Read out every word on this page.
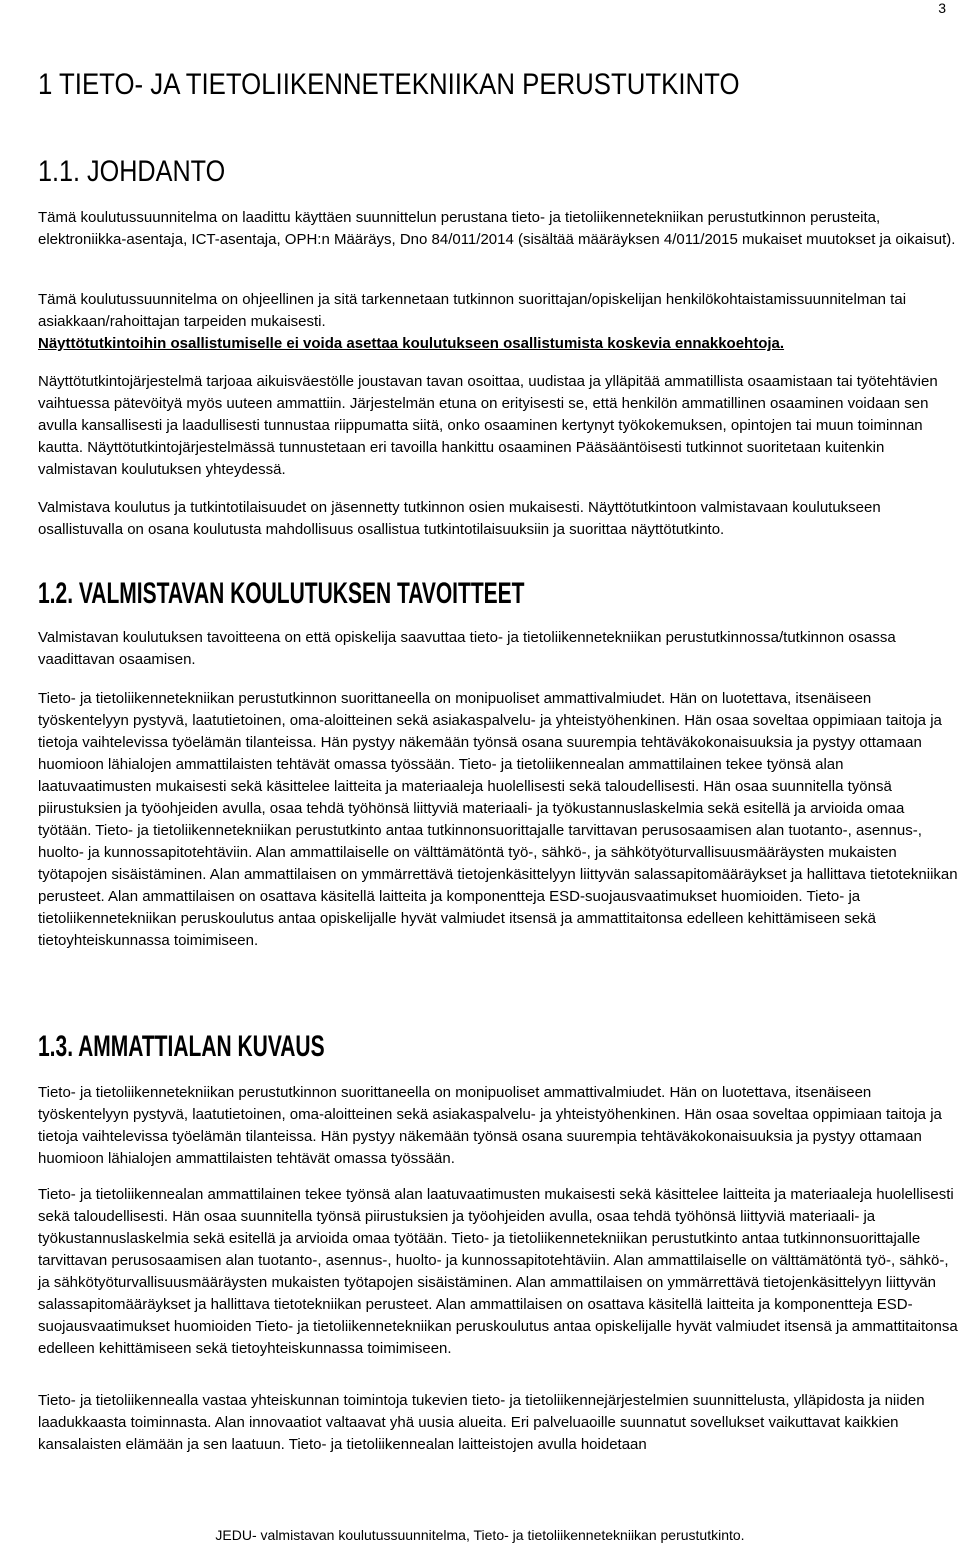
3
1 TIETO- JA TIETOLIIKENNETEKNIIKAN PERUSTUTKINTO
1.1. JOHDANTO

Tämä koulutussuunnitelma on laadittu käyttäen suunnittelun perustana tieto- ja tietoliikennetekniikan perustutkinnon perusteita, elektroniikka-asentaja, ICT-asentaja, OPH:n Määräys, Dno 84/011/2014 (sisältää määräyksen 4/011/2015 mukaiset muutokset ja oikaisut).

Tämä koulutussuunnitelma on ohjeellinen ja sitä tarkennetaan tutkinnon suorittajan/opiskelijan henkilökohtaistamissuunnitelman tai asiakkaan/rahoittajan tarpeiden mukaisesti.

Näyttötutkintoihin osallistumiselle ei voida asettaa koulutukseen osallistumista koskevia ennakkoehtoja.

Näyttötutkintojärjestelmä tarjoaa aikuisväestölle joustavan tavan osoittaa, uudistaa ja ylläpitää ammatillista osaamistaan tai työtehtävien vaihtuessa pätevöityä myös uuteen ammattiin. Järjestelmän etuna on erityisesti se, että henkilön ammatillinen osaaminen voidaan sen avulla kansallisesti ja laadullisesti tunnustaa riippumatta siitä, onko osaaminen kertynyt työkokemuksen, opintojen tai muun toiminnan kautta. Näyttötutkintojärjestelmässä tunnustetaan eri tavoilla hankittu osaaminen Pääsääntöisesti tutkinnot suoritetaan kuitenkin valmistavan koulutuksen yhteydessä.

Valmistava koulutus ja tutkintotilaisuudet on jäsennetty tutkinnon osien mukaisesti. Näyttötutkintoon valmistavaan koulutukseen osallistuvalla on osana koulutusta mahdollisuus osallistua tutkintotilaisuuksiin ja suorittaa näyttötutkinto.

1.2. VALMISTAVAN KOULUTUKSEN TAVOITTEET

Valmistavan koulutuksen tavoitteena on että opiskelija saavuttaa tieto- ja tietoliikennetekniikan perustutkinnossa/tutkinnon osassa vaadittavan osaamisen.

Tieto- ja tietoliikennetekniikan perustutkinnon suorittaneella on monipuoliset ammattivalmiudet. Hän on luotettava, itsenäiseen työskentelyyn pystyvä, laatutietoinen, oma-aloitteinen sekä asiakaspalvelu- ja yhteistyöhenkinen. Hän osaa soveltaa oppimiaan taitoja ja tietoja vaihtelevissa työelämän tilanteissa. Hän pystyy näkemään työnsä osana suurempia tehtäväkokonaisuuksia ja pystyy ottamaan huomioon lähialojen ammattilaisten tehtävät omassa työssään. Tieto- ja tietoliikennealan ammattilainen tekee työnsä alan laatuvaatimusten mukaisesti sekä käsittelee laitteita ja materiaaleja huolellisesti sekä taloudellisesti. Hän osaa suunnitella työnsä piirustuksien ja työohjeiden avulla, osaa tehdä työhönsä liittyviä materiaali- ja työkustannuslaskelmia sekä esitellä ja arvioida omaa työtään. Tieto- ja tietoliikennetekniikan perustutkinto antaa tutkinnonsuorittajalle tarvittavan perusosaamisen alan tuotanto-, asennus-, huolto- ja kunnossapitotehtäviin. Alan ammattilaiselle on välttämätöntä työ-, sähkö-, ja sähkötyöturvallisuusmääräysten mukaisten työtapojen sisäistäminen. Alan ammattilaisen on ymmärrettävä tietojenkäsittelyyn liittyvän salassapitomääräykset ja hallittava tietotekniikan perusteet. Alan ammattilaisen on osattava käsitellä laitteita ja komponentteja ESD-suojausvaatimukset huomioiden. Tieto- ja tietoliikennetekniikan peruskoulutus antaa opiskelijalle hyvät valmiudet itsensä ja ammattitaitonsa edelleen kehittämiseen sekä tietoyhteiskunnassa toimimiseen.

1.3. AMMATTIALAN KUVAUS

Tieto- ja tietoliikennetekniikan perustutkinnon suorittaneella on monipuoliset ammattivalmiudet. Hän on luotettava, itsenäiseen työskentelyyn pystyvä, laatutietoinen, oma-aloitteinen sekä asiakaspalvelu- ja yhteistyöhenkinen. Hän osaa soveltaa oppimiaan taitoja ja tietoja vaihtelevissa työelämän tilanteissa. Hän pystyy näkemään työnsä osana suurempia tehtäväkokonaisuuksia ja pystyy ottamaan huomioon lähialojen ammattilaisten tehtävät omassa työssään.

Tieto- ja tietoliikennealan ammattilainen tekee työnsä alan laatuvaatimusten mukaisesti sekä käsittelee laitteita ja materiaaleja huolellisesti sekä taloudellisesti. Hän osaa suunnitella työnsä piirustuksien ja työohjeiden avulla, osaa tehdä työhönsä liittyviä materiaali- ja työkustannuslaskelmia sekä esitellä ja arvioida omaa työtään. Tieto- ja tietoliikennetekniikan perustutkinto antaa tutkinnonsuorittajalle tarvittavan perusosaamisen alan tuotanto-, asennus-, huolto- ja kunnossapitotehtäviin. Alan ammattilaiselle on välttämätöntä työ-, sähkö-, ja sähkötyöturvallisuusmääräysten mukaisten työtapojen sisäistäminen. Alan ammattilaisen on ymmärrettävä tietojenkäsittelyyn liittyvän salassapitomääräykset ja hallittava tietotekniikan perusteet. Alan ammattilaisen on osattava käsitellä laitteita ja komponentteja ESD-suojausvaatimukset huomioiden Tieto- ja tietoliikennetekniikan peruskoulutus antaa opiskelijalle hyvät valmiudet itsensä ja ammattitaitonsa edelleen kehittämiseen sekä tietoyhteiskunnassa toimimiseen.

Tieto- ja tietoliikennealla vastaa yhteiskunnan toimintoja tukevien tieto- ja tietoliikennejärjestelmien suunnittelusta, ylläpidosta ja niiden laadukkaasta toiminnasta. Alan innovaatiot valtaavat yhä uusia alueita. Eri palveluaoille suunnatut sovellukset vaikuttavat kaikkien kansalaisten elämään ja sen laatuun. Tieto- ja tietoliikennealan laitteistojen avulla hoidetaan

JEDU- valmistavan koulutussuunnitelma, Tieto- ja tietoliikennetekniikan perustutkinto.
